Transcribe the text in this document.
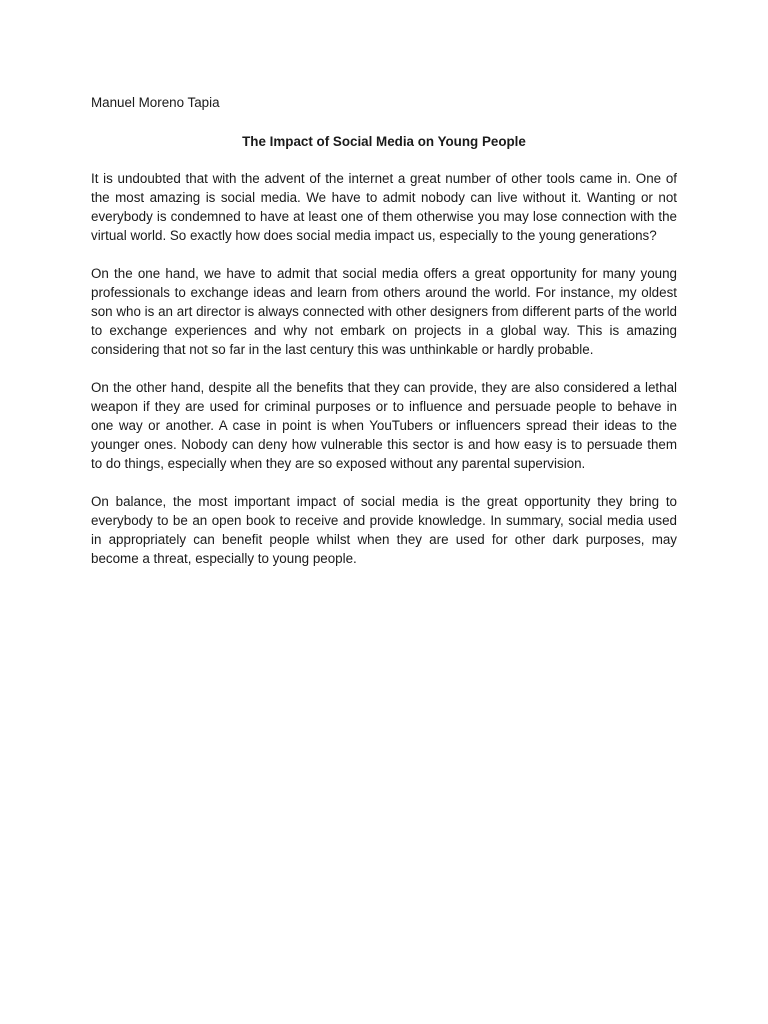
Manuel Moreno Tapia

The Impact of Social Media on Young People

It is undoubted that with the advent of the internet a great number of other tools came in. One of the most amazing is social media. We have to admit nobody can live without it. Wanting or not everybody is condemned to have at least one of them otherwise you may lose connection with the virtual world. So exactly how does social media impact us, especially to the young generations?

On the one hand, we have to admit that social media offers a great opportunity for many young professionals to exchange ideas and learn from others around the world. For instance, my oldest son who is an art director is always connected with other designers from different parts of the world to exchange experiences and why not embark on projects in a global way. This is amazing considering that not so far in the last century this was unthinkable or hardly probable.

On the other hand, despite all the benefits that they can provide, they are also considered a lethal weapon if they are used for criminal purposes or to influence and persuade people to behave in one way or another. A case in point is when YouTubers or influencers spread their ideas to the younger ones. Nobody can deny how vulnerable this sector is and how easy is to persuade them to do things, especially when they are so exposed without any parental supervision.

On balance, the most important impact of social media is the great opportunity they bring to everybody to be an open book to receive and provide knowledge. In summary, social media used in appropriately can benefit people whilst when they are used for other dark purposes, may become a threat, especially to young people.
